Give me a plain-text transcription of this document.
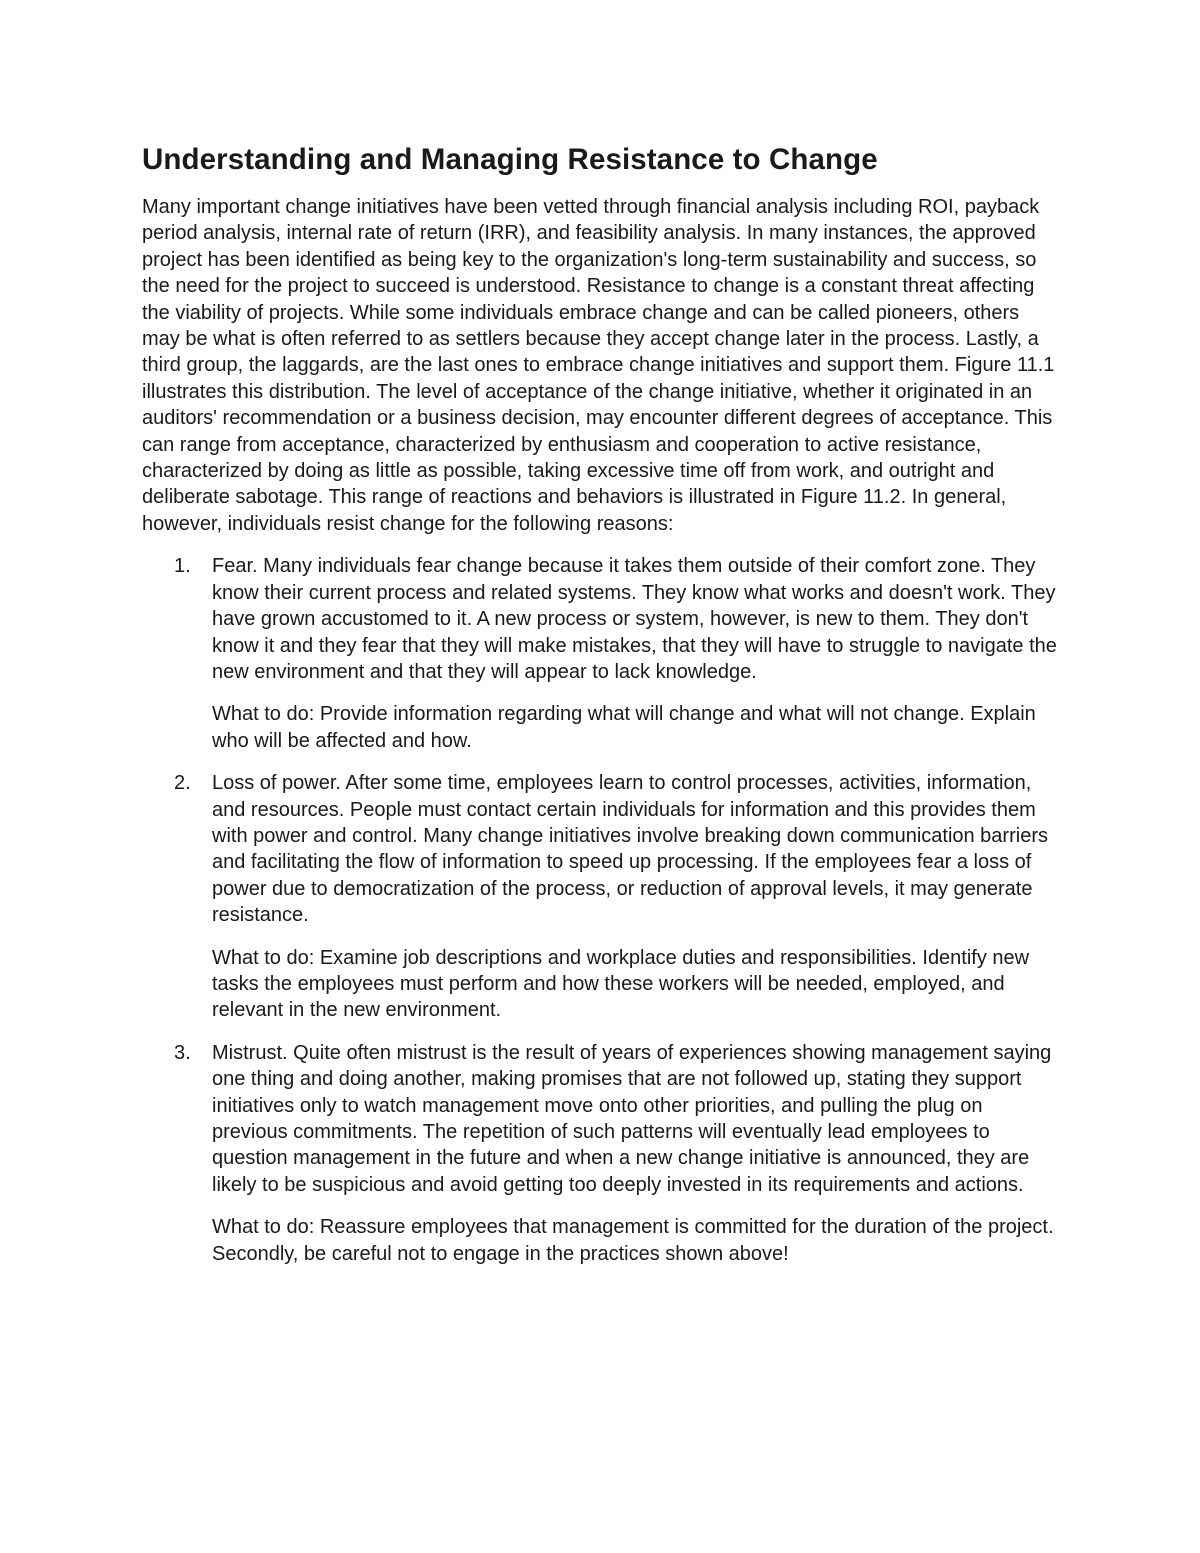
Understanding and Managing Resistance to Change

Many important change initiatives have been vetted through financial analysis including ROI, payback period analysis, internal rate of return (IRR), and feasibility analysis. In many instances, the approved project has been identified as being key to the organization's long-term sustainability and success, so the need for the project to succeed is understood. Resistance to change is a constant threat affecting the viability of projects. While some individuals embrace change and can be called pioneers, others may be what is often referred to as settlers because they accept change later in the process. Lastly, a third group, the laggards, are the last ones to embrace change initiatives and support them. Figure 11.1 illustrates this distribution. The level of acceptance of the change initiative, whether it originated in an auditors' recommendation or a business decision, may encounter different degrees of acceptance. This can range from acceptance, characterized by enthusiasm and cooperation to active resistance, characterized by doing as little as possible, taking excessive time off from work, and outright and deliberate sabotage. This range of reactions and behaviors is illustrated in Figure 11.2. In general, however, individuals resist change for the following reasons:

1. Fear. Many individuals fear change because it takes them outside of their comfort zone. They know their current process and related systems. They know what works and doesn't work. They have grown accustomed to it. A new process or system, however, is new to them. They don't know it and they fear that they will make mistakes, that they will have to struggle to navigate the new environment and that they will appear to lack knowledge.

What to do: Provide information regarding what will change and what will not change. Explain who will be affected and how.

2. Loss of power. After some time, employees learn to control processes, activities, information, and resources. People must contact certain individuals for information and this provides them with power and control. Many change initiatives involve breaking down communication barriers and facilitating the flow of information to speed up processing. If the employees fear a loss of power due to democratization of the process, or reduction of approval levels, it may generate resistance.

What to do: Examine job descriptions and workplace duties and responsibilities. Identify new tasks the employees must perform and how these workers will be needed, employed, and relevant in the new environment.

3. Mistrust. Quite often mistrust is the result of years of experiences showing management saying one thing and doing another, making promises that are not followed up, stating they support initiatives only to watch management move onto other priorities, and pulling the plug on previous commitments. The repetition of such patterns will eventually lead employees to question management in the future and when a new change initiative is announced, they are likely to be suspicious and avoid getting too deeply invested in its requirements and actions.

What to do: Reassure employees that management is committed for the duration of the project. Secondly, be careful not to engage in the practices shown above!
